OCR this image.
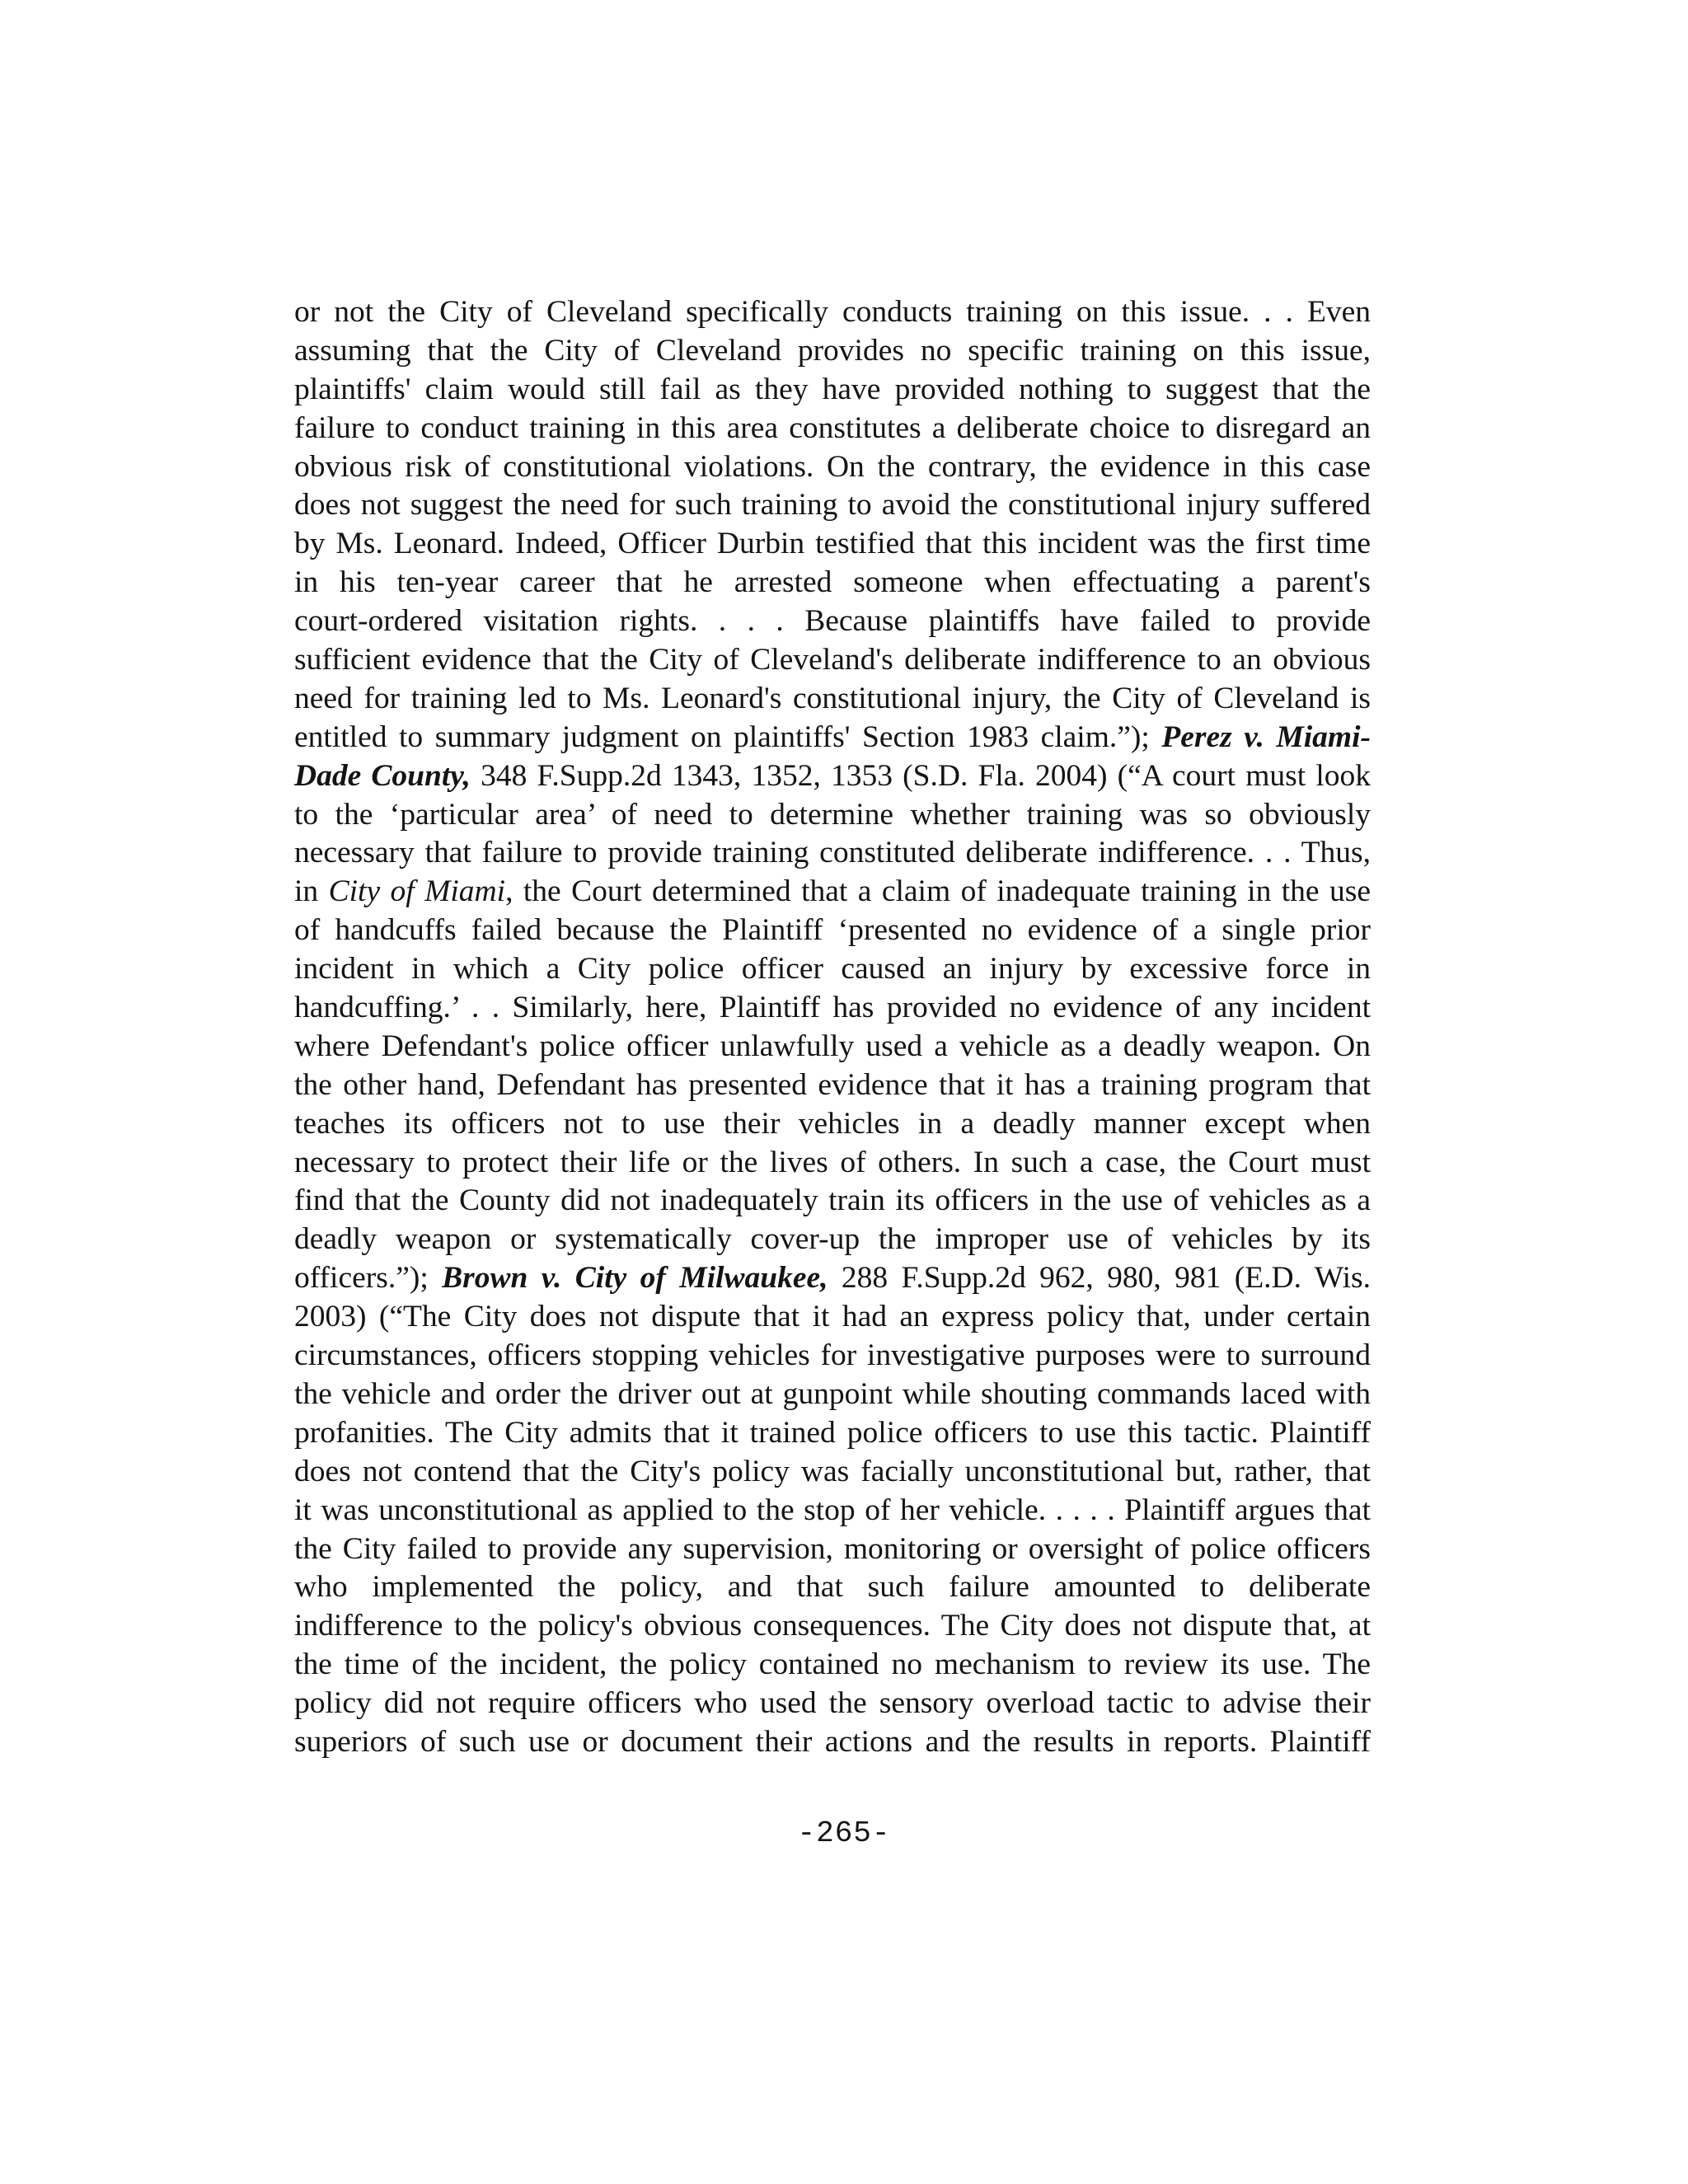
or not the City of Cleveland specifically conducts training on this issue. . . Even
assuming that the City of Cleveland provides no specific training on this issue,
plaintiffs' claim would still fail as they have provided nothing to suggest that the
failure to conduct training in this area constitutes a deliberate choice to disregard an
obvious risk of constitutional violations. On the contrary, the evidence in this case
does not suggest the need for such training to avoid the constitutional injury suffered
by Ms. Leonard. Indeed, Officer Durbin testified that this incident was the first time
in his ten-year career that he arrested someone when effectuating a parent's
court-ordered visitation rights. . . . Because plaintiffs have failed to provide
sufficient evidence that the City of Cleveland's deliberate indifference to an obvious
need for training led to Ms. Leonard's constitutional injury, the City of Cleveland is
entitled to summary judgment on plaintiffs' Section 1983 claim.”); Perez v. Miami-
Dade County, 348 F.Supp.2d 1343, 1352, 1353 (S.D. Fla. 2004) (“A court must look
to the ‘particular area’ of need to determine whether training was so obviously
necessary that failure to provide training constituted deliberate indifference. . . Thus,
in City of Miami, the Court determined that a claim of inadequate training in the use
of handcuffs failed because the Plaintiff ‘presented no evidence of a single prior
incident in which a City police officer caused an injury by excessive force in
handcuffing.’ . . Similarly, here, Plaintiff has provided no evidence of any incident
where Defendant's police officer unlawfully used a vehicle as a deadly weapon. On
the other hand, Defendant has presented evidence that it has a training program that
teaches its officers not to use their vehicles in a deadly manner except when
necessary to protect their life or the lives of others. In such a case, the Court must
find that the County did not inadequately train its officers in the use of vehicles as a
deadly weapon or systematically cover-up the improper use of vehicles by its
officers.”); Brown v. City of Milwaukee, 288 F.Supp.2d 962, 980, 981 (E.D. Wis.
2003) (“The City does not dispute that it had an express policy that, under certain
circumstances, officers stopping vehicles for investigative purposes were to surround
the vehicle and order the driver out at gunpoint while shouting commands laced with
profanities. The City admits that it trained police officers to use this tactic. Plaintiff
does not contend that the City's policy was facially unconstitutional but, rather, that
it was unconstitutional as applied to the stop of her vehicle. . . . . Plaintiff argues that
the City failed to provide any supervision, monitoring or oversight of police officers
who implemented the policy, and that such failure amounted to deliberate
indifference to the policy's obvious consequences. The City does not dispute that, at
the time of the incident, the policy contained no mechanism to review its use. The
policy did not require officers who used the sensory overload tactic to advise their
superiors of such use or document their actions and the results in reports. Plaintiff
-265-
